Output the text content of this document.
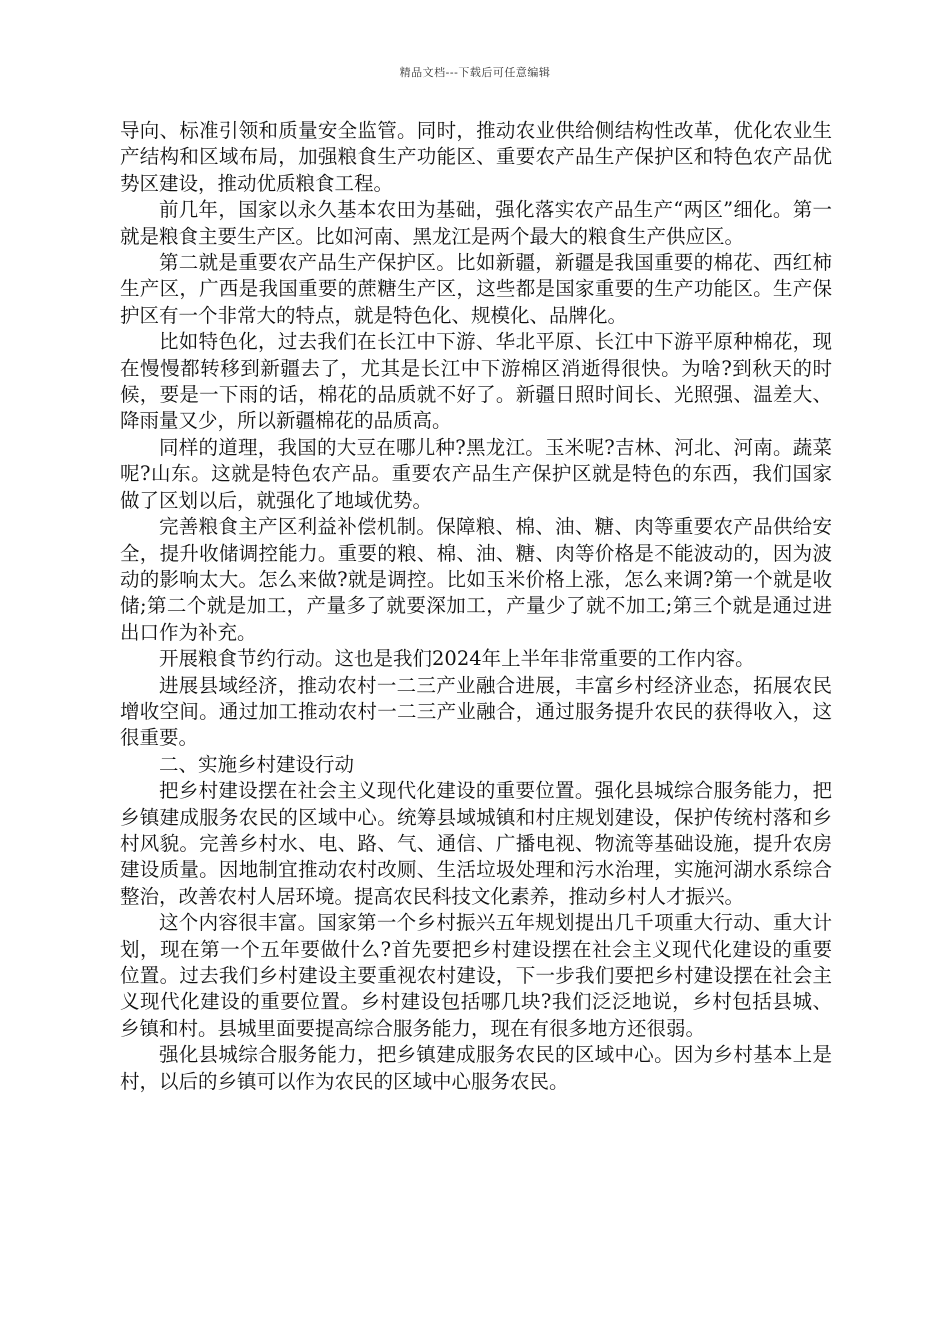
精品文档---下载后可任意编辑

导向、标准引领和质量安全监管。同时，推动农业供给侧结构性改革，优化农业生产结构和区域布局，加强粮食生产功能区、重要农产品生产保护区和特色农产品优势区建设，推动优质粮食工程。

前几年，国家以永久基本农田为基础，强化落实农产品生产“两区”细化。第一就是粮食主要生产区。比如河南、黑龙江是两个最大的粮食生产供应区。

第二就是重要农产品生产保护区。比如新疆，新疆是我国重要的棉花、西红柿生产区，广西是我国重要的蔗糖生产区，这些都是国家重要的生产功能区。生产保护区有一个非常大的特点，就是特色化、规模化、品牌化。

比如特色化，过去我们在长江中下游、华北平原、长江中下游平原种棉花，现在慢慢都转移到新疆去了，尤其是长江中下游棉区消逝得很快。为啥?到秋天的时候，要是一下雨的话，棉花的品质就不好了。新疆日照时间长、光照强、温差大、降雨量又少，所以新疆棉花的品质高。

同样的道理，我国的大豆在哪儿种?黑龙江。玉米呢?吉林、河北、河南。蔬菜呢?山东。这就是特色农产品。重要农产品生产保护区就是特色的东西，我们国家做了区划以后，就强化了地域优势。

完善粮食主产区利益补偿机制。保障粮、棉、油、糖、肉等重要农产品供给安全，提升收储调控能力。重要的粮、棉、油、糖、肉等价格是不能波动的，因为波动的影响太大。怎么来做?就是调控。比如玉米价格上涨，怎么来调?第一个就是收储;第二个就是加工，产量多了就要深加工，产量少了就不加工;第三个就是通过进出口作为补充。

开展粮食节约行动。这也是我们2024年上半年非常重要的工作内容。

进展县域经济，推动农村一二三产业融合进展，丰富乡村经济业态，拓展农民增收空间。通过加工推动农村一二三产业融合，通过服务提升农民的获得收入，这很重要。

二、实施乡村建设行动

把乡村建设摆在社会主义现代化建设的重要位置。强化县城综合服务能力，把乡镇建成服务农民的区域中心。统筹县域城镇和村庄规划建设，保护传统村落和乡村风貌。完善乡村水、电、路、气、通信、广播电视、物流等基础设施，提升农房建设质量。因地制宜推动农村改厕、生活垃圾处理和污水治理，实施河湖水系综合整治，改善农村人居环境。提高农民科技文化素养，推动乡村人才振兴。

这个内容很丰富。国家第一个乡村振兴五年规划提出几千项重大行动、重大计划，现在第一个五年要做什么?首先要把乡村建设摆在社会主义现代化建设的重要位置。过去我们乡村建设主要重视农村建设，下一步我们要把乡村建设摆在社会主义现代化建设的重要位置。乡村建设包括哪几块?我们泛泛地说，乡村包括县城、乡镇和村。县城里面要提高综合服务能力，现在有很多地方还很弱。

强化县城综合服务能力，把乡镇建成服务农民的区域中心。因为乡村基本上是村，以后的乡镇可以作为农民的区域中心服务农民。
